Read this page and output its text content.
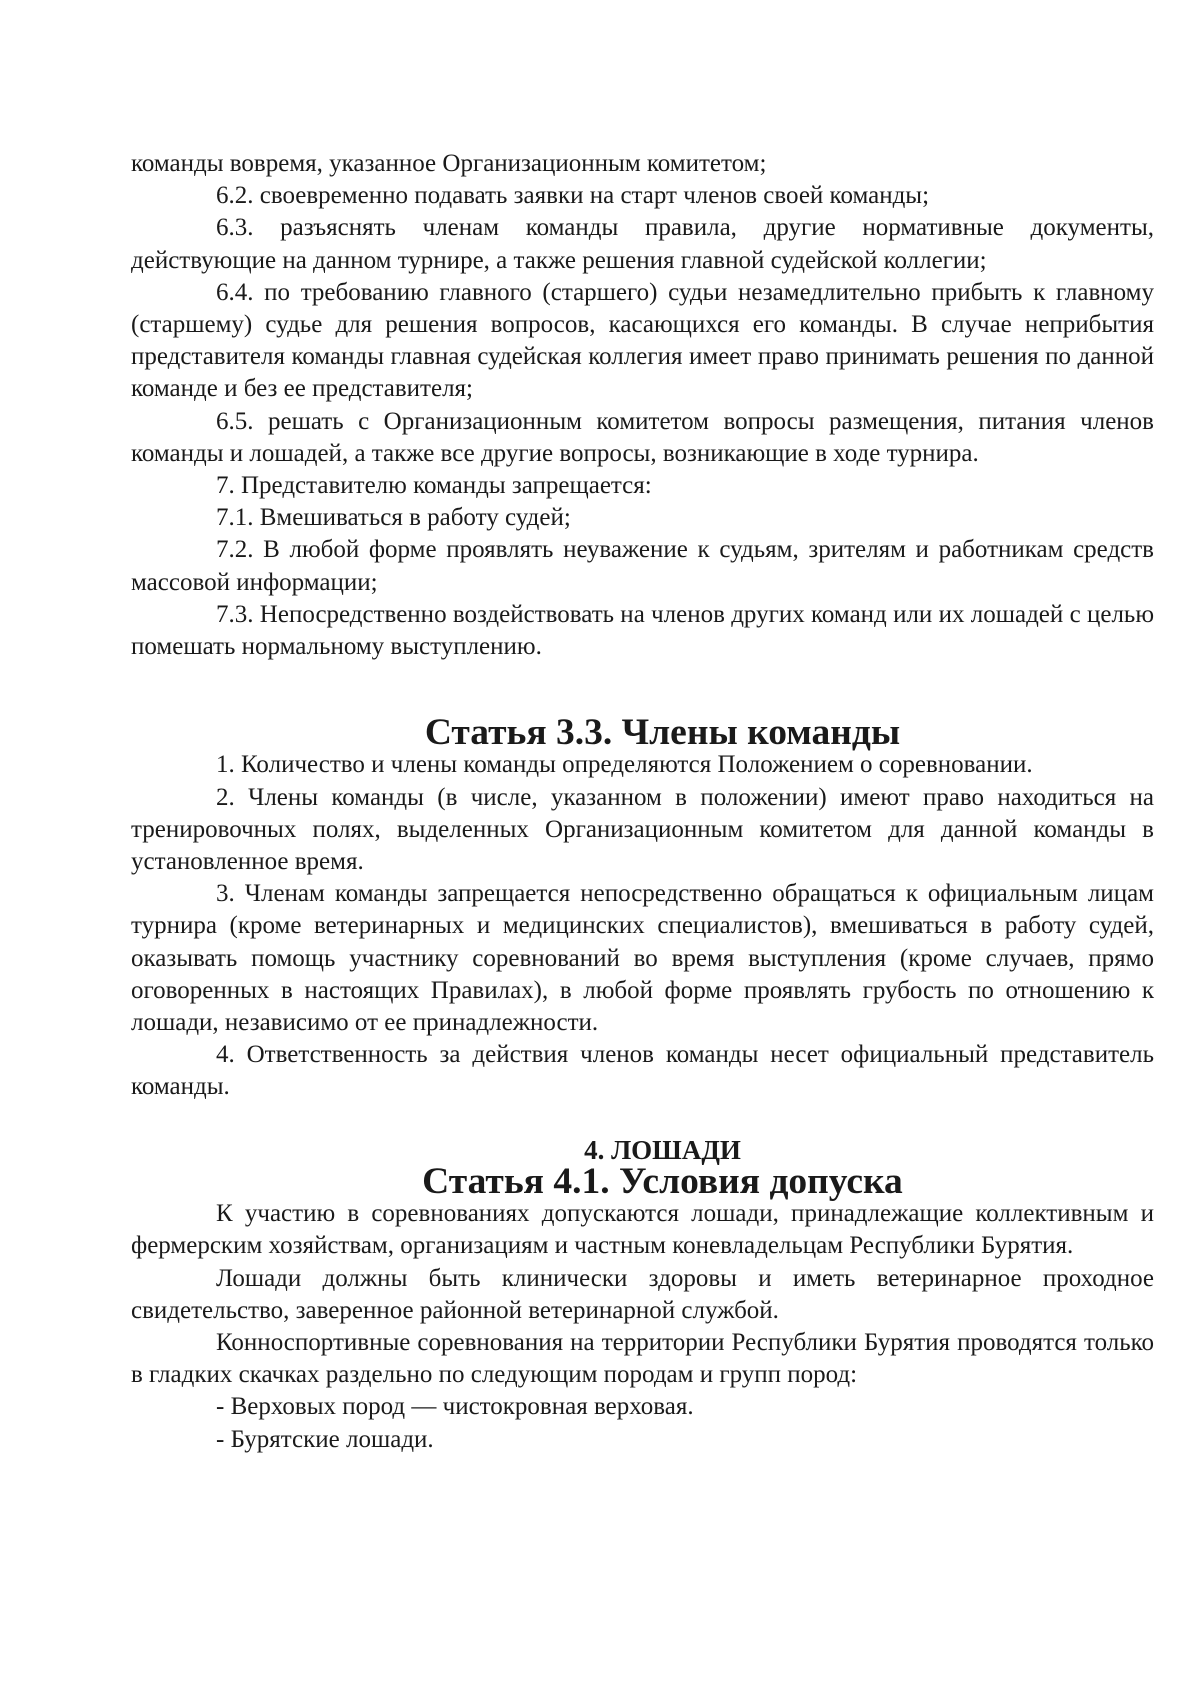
команды вовремя, указанное Организационным комитетом;

6.2. своевременно подавать заявки на старт членов своей команды;

6.3. разъяснять членам команды правила, другие нормативные документы, действующие на данном турнире, а также решения главной судейской коллегии;

6.4. по требованию главного (старшего) судьи незамедлительно прибыть к главному (старшему) судье для решения вопросов, касающихся его команды. В случае неприбытия представителя команды главная судейская коллегия имеет право принимать решения по данной команде и без ее представителя;

6.5. решать с Организационным комитетом вопросы размещения, питания членов команды и лошадей, а также все другие вопросы, возникающие в ходе турнира.

7. Представителю команды запрещается:

7.1. Вмешиваться в работу судей;

7.2. В любой форме проявлять неуважение к судьям, зрителям и работникам средств массовой информации;

7.3. Непосредственно воздействовать на членов других команд или их лошадей с целью помешать нормальному выступлению.

Статья 3.3. Члены команды

1. Количество и члены команды определяются Положением о соревновании.

2. Члены команды (в числе, указанном в положении) имеют право находиться на тренировочных полях, выделенных Организационным комитетом для данной команды в установленное время.

3. Членам команды запрещается непосредственно обращаться к официальным лицам турнира (кроме ветеринарных и медицинских специалистов), вмешиваться в работу судей, оказывать помощь участнику соревнований во время выступления (кроме случаев, прямо оговоренных в настоящих Правилах), в любой форме проявлять грубость по отношению к лошади, независимо от ее принадлежности.

4. Ответственность за действия членов команды несет официальный представитель команды.

4. ЛОШАДИ
Статья 4.1. Условия допуска

К участию в соревнованиях допускаются лошади, принадлежащие коллективным и фермерским хозяйствам, организациям и частным коневладельцам Республики Бурятия.

Лошади должны быть клинически здоровы и иметь ветеринарное проходное свидетельство, заверенное районной ветеринарной службой.

Конноспортивные соревнования на территории Республики Бурятия проводятся только в гладких скачках раздельно по следующим породам и групп пород:

- Верховых пород — чистокровная верховая.

- Бурятские лошади.
